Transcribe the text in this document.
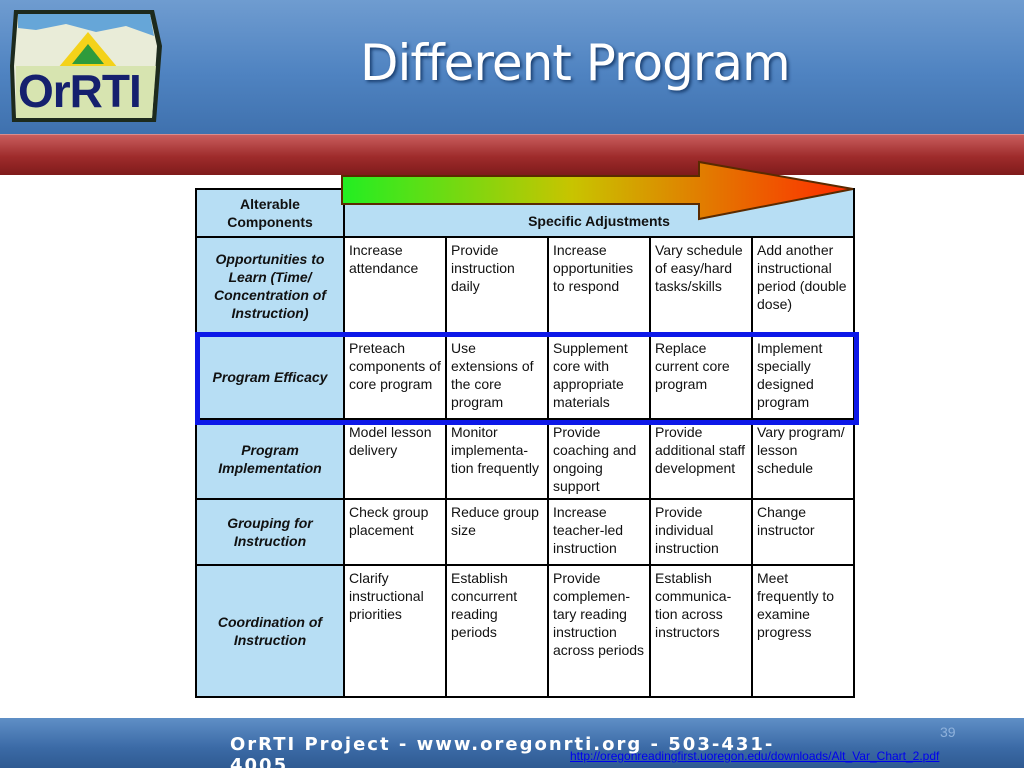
OrRTI	Different Program
Alterable Components	Specific Adjustments				
Opportunities to Learn (Time/ Concentration of Instruction)	Increase attendance	Provide instruction daily	Increase opportunities to respond	Vary schedule of easy/hard tasks/skills	Add another instructional period (double dose)
Program Efficacy	Preteach components of core program	Use extensions of the core program	Supplement core with appropriate materials	Replace current core program	Implement specially designed program
Program Implementation	Model lesson delivery	Monitor implementa-tion frequently	Provide coaching and ongoing support	Provide additional staff development	Vary program/ lesson schedule
Grouping for Instruction	Check group placement	Reduce group size	Increase teacher-led instruction	Provide individual instruction	Change instructor
Coordination of Instruction	Clarify instructional priorities	Establish concurrent reading periods	Provide complemen-tary reading instruction across periods	Establish communica-tion across instructors	Meet frequently to examine progress
OrRTI Project - www.oregonrti.org - 503-431-4005
39
http://oregonreadingfirst.uoregon.edu/downloads/Alt_Var_Chart_2.pdf
